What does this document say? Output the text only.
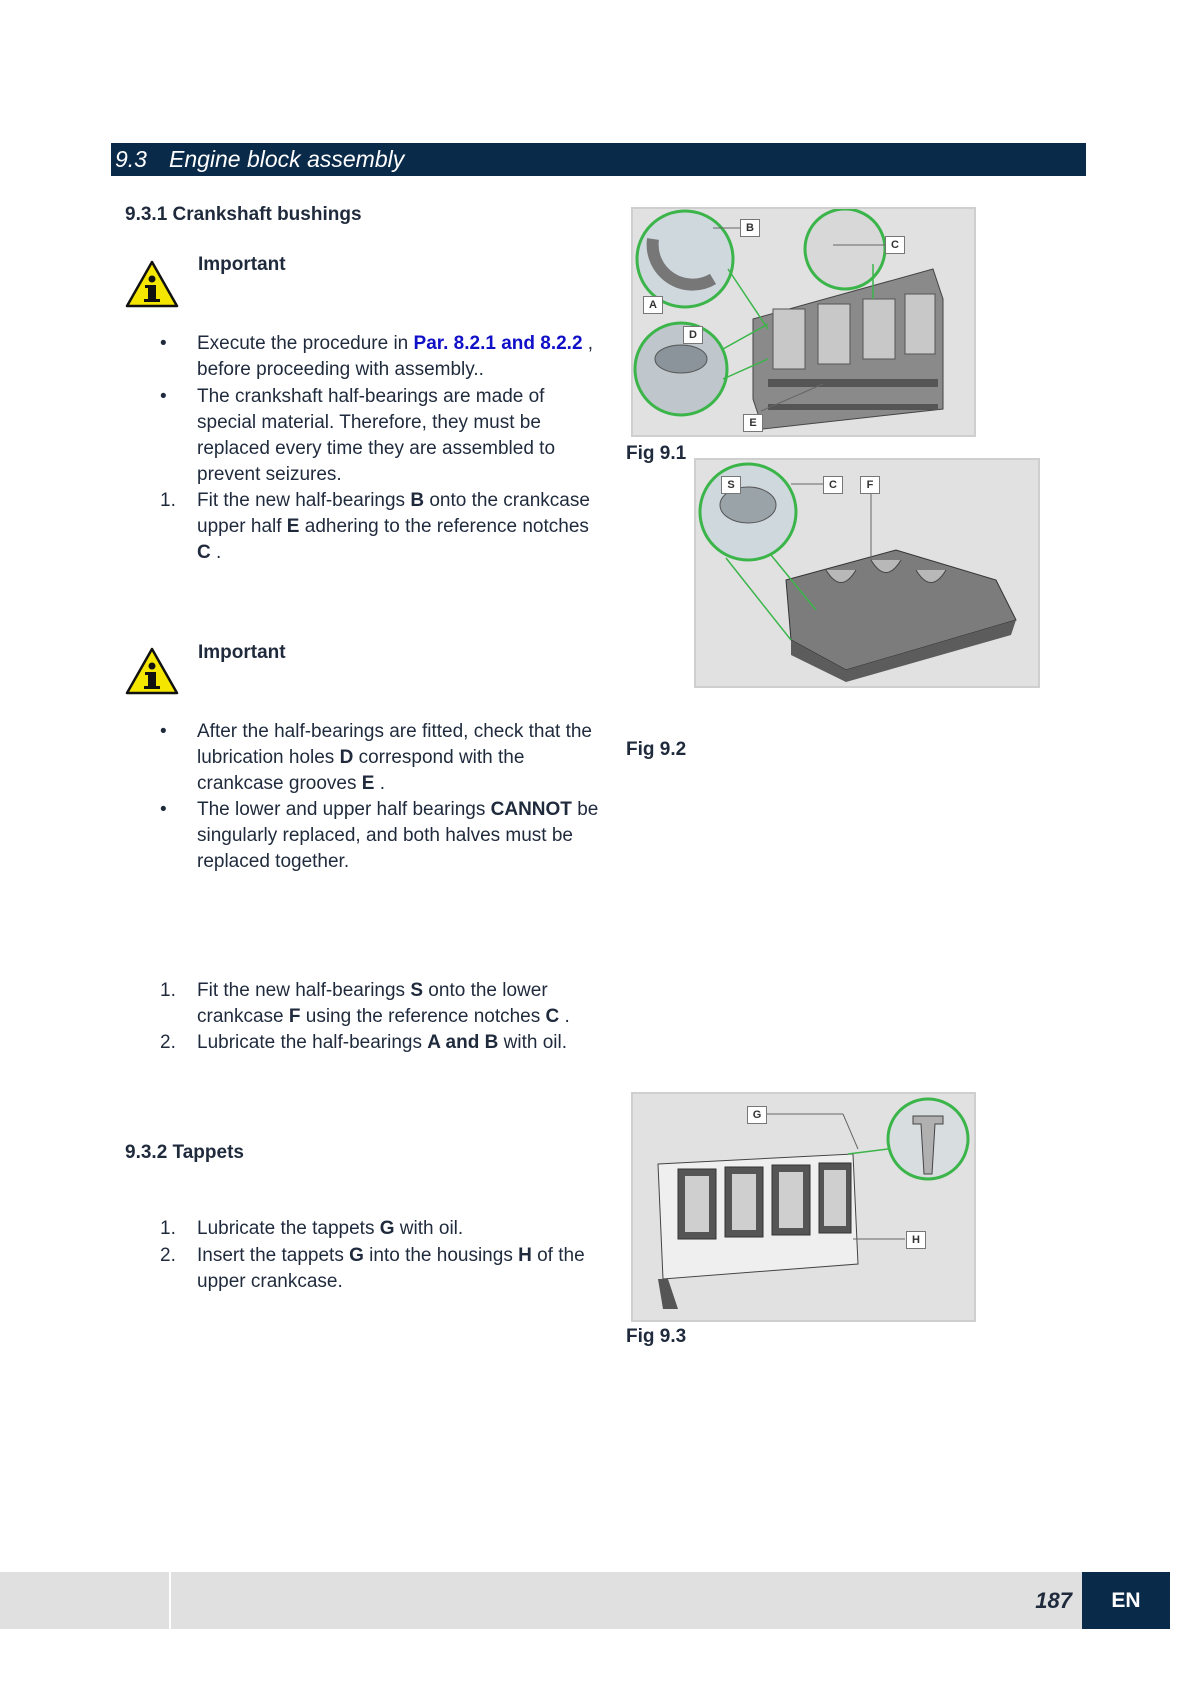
9.3 Engine block assembly
9.3.1 Crankshaft bushings
Important
•	Execute the procedure in Par. 8.2.1 and 8.2.2 , before proceeding with assembly..
•	The crankshaft half-bearings are made of special material. Therefore, they must be replaced every time they are assembled to prevent seizures.
1.	Fit the new half-bearings B onto the crankcase upper half E adhering to the reference notches C .
Important
•	After the half-bearings are fitted, check that the lubrication holes D correspond with the crankcase grooves E .
•	The lower and upper half bearings CANNOT be singularly replaced, and both halves must be replaced together.
1.	Fit the new half-bearings S onto the lower crankcase F using the reference notches C .
2.	Lubricate the half-bearings A and B with oil.
9.3.2 Tappets
1.	Lubricate the tappets G with oil.
2.	Insert the tappets G into the housings H of the upper crankcase.
B
C
A
D
E
Fig 9.1
S	C	F
Fig 9.2
G
H
Fig 9.3
187	EN
